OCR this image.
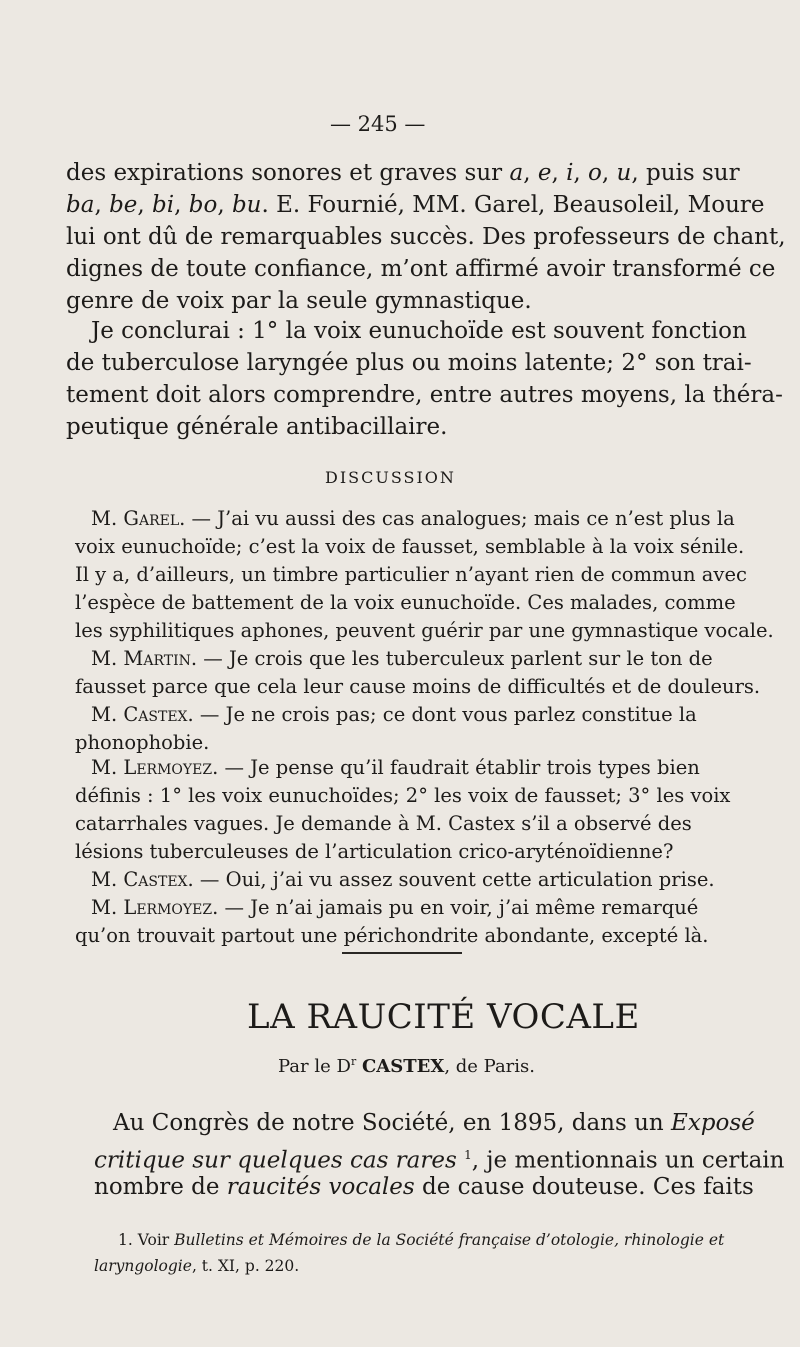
— 245 —
des expirations sonores et graves sur a, e, i, o, u, puis sur
ba, be, bi, bo, bu. E. Fournié, MM. Garel, Beausoleil, Moure
lui ont dû de remarquables succès. Des professeurs de chant,
dignes de toute confiance, m’ont affirmé avoir transformé ce
genre de voix par la seule gymnastique.
Je conclurai : 1° la voix eunuchoïde est souvent fonction
de tuberculose laryngée plus ou moins latente; 2° son trai-
tement doit alors comprendre, entre autres moyens, la théra-
peutique générale antibacillaire.
DISCUSSION
M. Garel. — J’ai vu aussi des cas analogues; mais ce n’est plus la
voix eunuchoïde; c’est la voix de fausset, semblable à la voix sénile.
Il y a, d’ailleurs, un timbre particulier n’ayant rien de commun avec
l’espèce de battement de la voix eunuchoïde. Ces malades, comme
les syphilitiques aphones, peuvent guérir par une gymnastique vocale.
M. Martin. — Je crois que les tuberculeux parlent sur le ton de
fausset parce que cela leur cause moins de difficultés et de douleurs.
M. Castex. — Je ne crois pas; ce dont vous parlez constitue la
phonophobie.
M. Lermoyez. — Je pense qu’il faudrait établir trois types bien
définis : 1° les voix eunuchoïdes; 2° les voix de fausset; 3° les voix
catarrhales vagues. Je demande à M. Castex s’il a observé des
lésions tuberculeuses de l’articulation crico-aryténoïdienne?
M. Castex. — Oui, j’ai vu assez souvent cette articulation prise.
M. Lermoyez. — Je n’ai jamais pu en voir, j’ai même remarqué
qu’on trouvait partout une périchondrite abondante, excepté là.
LA RAUCITÉ VOCALE
Par le $D^r$ CASTEX, de Paris.
Au Congrès de notre Société, en 1895, dans un Exposé
critique sur quelques cas rares $^1$, je mentionnais un certain
nombre de raucités vocales de cause douteuse. Ces faits
1. Voir Bulletins et Mémoires de la Société française d’otologie, rhinologie et
laryngologie, t. XI, p. 220.
